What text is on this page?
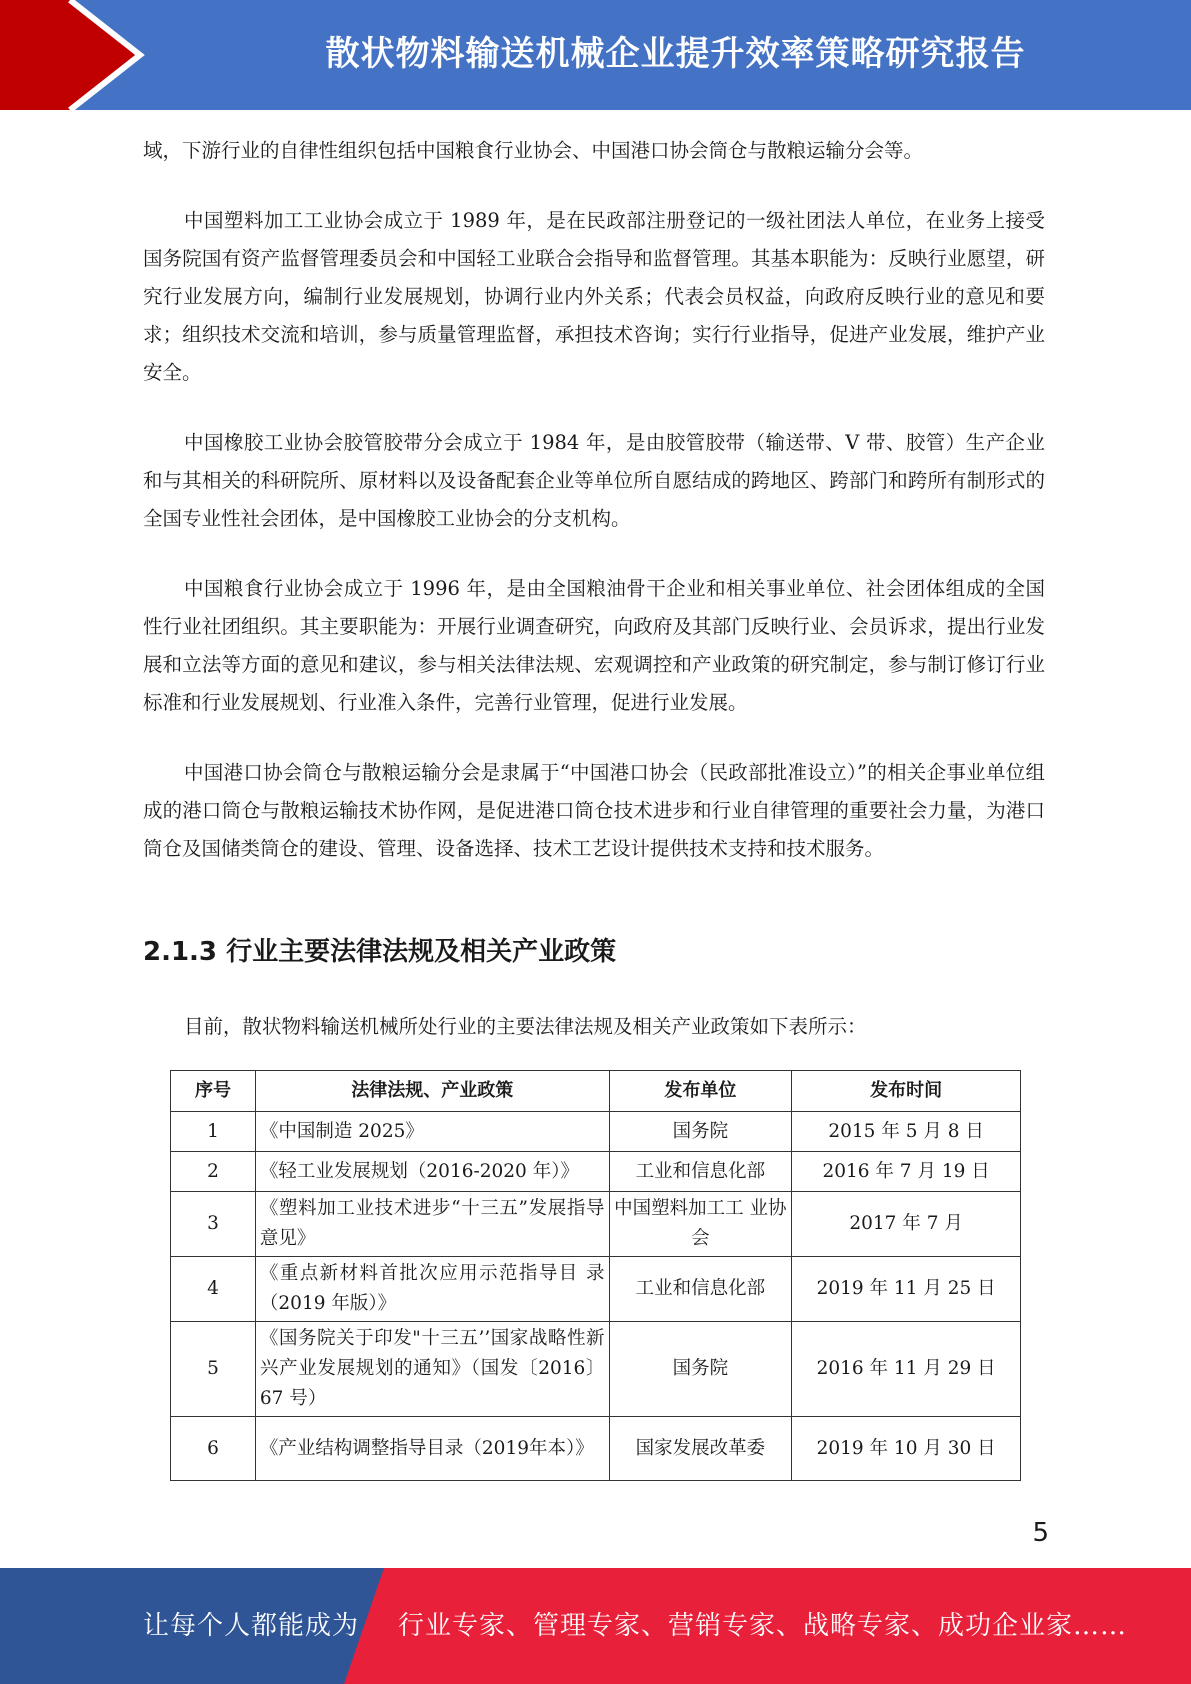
散状物料输送机械企业提升效率策略研究报告

域，下游行业的自律性组织包括中国粮食行业协会、中国港口协会筒仓与散粮运输分会等。

中国塑料加工工业协会成立于 1989 年，是在民政部注册登记的一级社团法人单位，在业务上接受国务院国有资产监督管理委员会和中国轻工业联合会指导和监督管理。其基本职能为：反映行业愿望，研究行业发展方向，编制行业发展规划，协调行业内外关系；代表会员权益，向政府反映行业的意见和要求；组织技术交流和培训，参与质量管理监督，承担技术咨询；实行行业指导，促进产业发展，维护产业安全。

中国橡胶工业协会胶管胶带分会成立于 1984 年，是由胶管胶带（输送带、V 带、胶管）生产企业和与其相关的科研院所、原材料以及设备配套企业等单位所自愿结成的跨地区、跨部门和跨所有制形式的全国专业性社会团体，是中国橡胶工业协会的分支机构。

中国粮食行业协会成立于 1996 年，是由全国粮油骨干企业和相关事业单位、社会团体组成的全国性行业社团组织。其主要职能为：开展行业调查研究，向政府及其部门反映行业、会员诉求，提出行业发展和立法等方面的意见和建议，参与相关法律法规、宏观调控和产业政策的研究制定，参与制订修订行业标准和行业发展规划、行业准入条件，完善行业管理，促进行业发展。

中国港口协会筒仓与散粮运输分会是隶属于“中国港口协会（民政部批准设立）”的相关企事业单位组成的港口筒仓与散粮运输技术协作网，是促进港口筒仓技术进步和行业自律管理的重要社会力量，为港口筒仓及国储类筒仓的建设、管理、设备选择、技术工艺设计提供技术支持和技术服务。

2.1.3 行业主要法律法规及相关产业政策

目前，散状物料输送机械所处行业的主要法律法规及相关产业政策如下表所示：

序号	法律法规、产业政策	发布单位	发布时间
1	《中国制造 2025》	国务院	2015 年 5 月 8 日
2	《轻工业发展规划（2016-2020 年）》	工业和信息化部	2016 年 7 月 19 日
3	《塑料加工业技术进步“十三五”发展指导意见》	中国塑料加工工 业协会	2017 年 7 月
4	《重点新材料首批次应用示范指导目 录（2019 年版）》	工业和信息化部	2019 年 11 月 25 日
5	《国务院关于印发"十三五’’国家战略性新兴产业发展规划的通知》（国发〔2016〕 67 号）	国务院	2016 年 11 月 29 日
6	《产业结构调整指导目录（2019年本）》	国家发展改革委	2019 年 10 月 30 日
5
让每个人都能成为 行业专家、管理专家、营销专家、战略专家、成功企业家……
